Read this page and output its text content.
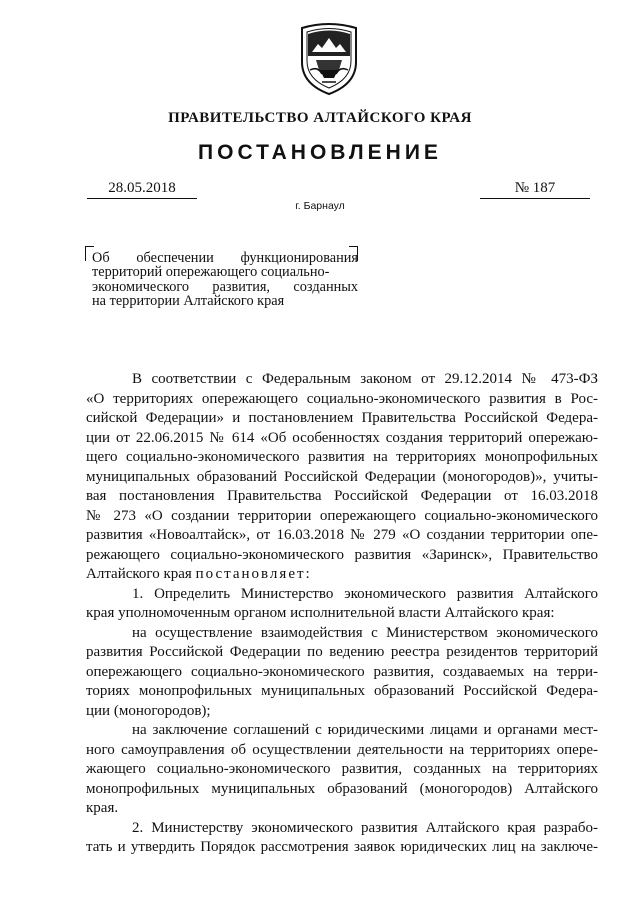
ПРАВИТЕЛЬСТВО АЛТАЙСКОГО КРАЯ
ПОСТАНОВЛЕНИЕ
28.05.2018	№ 187
г. Барнаул
Об обеспечении функционирования
территорий опережающего социально-
экономического развития, созданных
на территории Алтайского края
В соответствии с Федеральным законом от 29.12.2014 № 473-ФЗ
«О территориях опережающего социально-экономического развития в Рос-
сийской Федерации» и постановлением Правительства Российской Федера-
ции от 22.06.2015 № 614 «Об особенностях создания территорий опережаю-
щего социально-экономического развития на территориях монопрофильных
муниципальных образований Российской Федерации (моногородов)», учиты-
вая постановления Правительства Российской Федерации от 16.03.2018
№ 273 «О создании территории опережающего социально-экономического
развития «Новоалтайск», от 16.03.2018 № 279 «О создании территории опе-
режающего социально-экономического развития «Заринск», Правительство
Алтайского края постановляет:
1. Определить Министерство экономического развития Алтайского
края уполномоченным органом исполнительной власти Алтайского края:
на осуществление взаимодействия с Министерством экономического
развития Российской Федерации по ведению реестра резидентов территорий
опережающего социально-экономического развития, создаваемых на терри-
ториях монопрофильных муниципальных образований Российской Федера-
ции (моногородов);
на заключение соглашений с юридическими лицами и органами мест-
ного самоуправления об осуществлении деятельности на территориях опере-
жающего социально-экономического развития, созданных на территориях
монопрофильных муниципальных образований (моногородов) Алтайского
края.
2. Министерству экономического развития Алтайского края разрабо-
тать и утвердить Порядок рассмотрения заявок юридических лиц на заключе-
